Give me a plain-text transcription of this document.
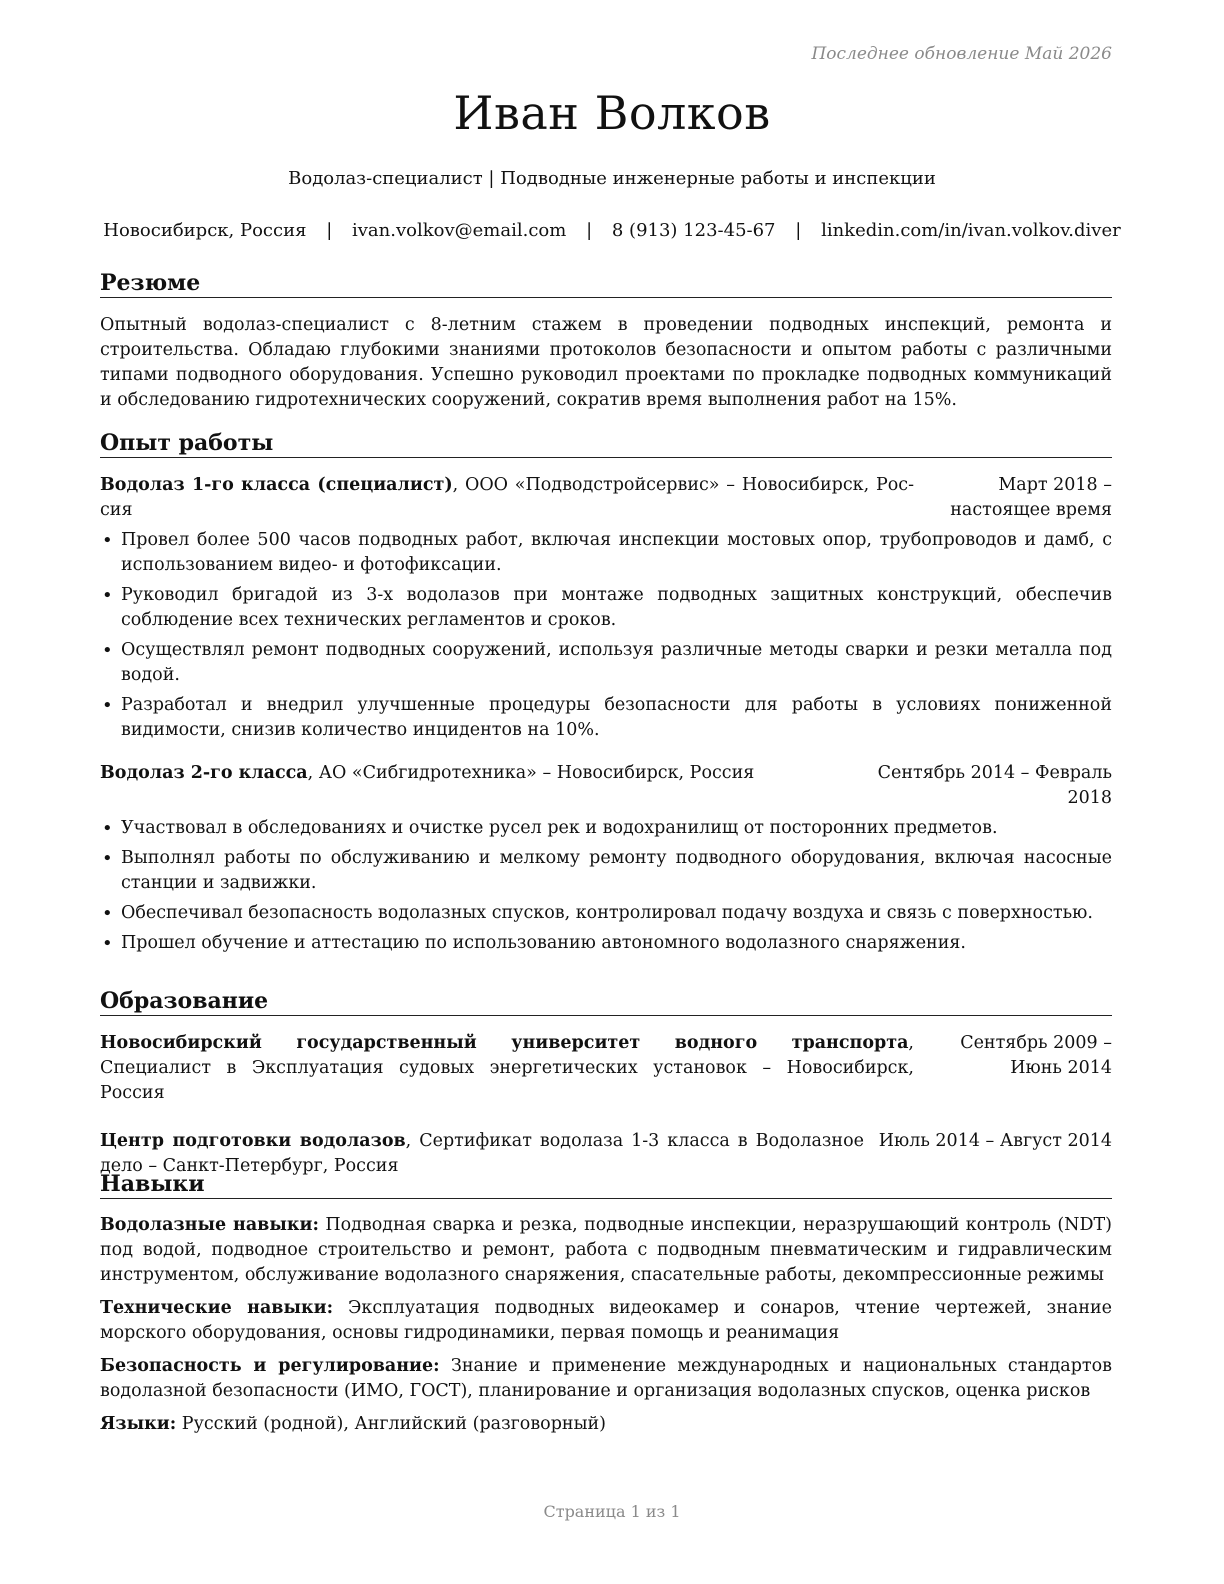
Последнее обновление Май 2026
Иван Волков
Водолаз-специалист | Подводные инженерные работы и инспекции
Новосибирск, Россия | ivan.volkov@email.com | 8 (913) 123-45-67 | linkedin.com/in/ivan.volkov.diver
Резюме
Опытный водолаз-специалист с 8-летним стажем в проведении подводных инспекций, ремонта и строительства. Обладаю глубокими знаниями протоколов безопасности и опытом работы с различными типами подводного оборудования. Успешно руководил проектами по прокладке подводных коммуникаций и обследованию гидротехнических сооружений, сократив время выполнения работ на 15%.
Опыт работы
Водолаз 1-го класса (специалист), ООО «Подводстройсервис» – Новосибирск, Россия
Март 2018 – настоящее время
• Провел более 500 часов подводных работ, включая инспекции мостовых опор, трубопроводов и дамб, с использованием видео- и фотофиксации.
• Руководил бригадой из 3-х водолазов при монтаже подводных защитных конструкций, обеспечив соблюдение всех технических регламентов и сроков.
• Осуществлял ремонт подводных сооружений, используя различные методы сварки и резки металла под водой.
• Разработал и внедрил улучшенные процедуры безопасности для работы в условиях пониженной видимости, снизив количество инцидентов на 10%.
Водолаз 2-го класса, АО «Сибгидротехника» – Новосибирск, Россия	Сентябрь 2014 – Февраль 2018
• Участвовал в обследованиях и очистке русел рек и водохранилищ от посторонних предметов.
• Выполнял работы по обслуживанию и мелкому ремонту подводного оборудования, включая насосные станции и задвижки.
• Обеспечивал безопасность водолазных спусков, контролировал подачу воздуха и связь с поверхностью.
• Прошел обучение и аттестацию по использованию автономного водолазного снаряжения.
Образование
Новосибирский государственный университет водного транспорта, Специалист в Эксплуатация судовых энергетических установок – Новосибирск, Россия
Сентябрь 2009 – Июнь 2014
Центр подготовки водолазов, Сертификат водолаза 1-3 класса в Водолазное дело – Санкт-Петербург, Россия
Июль 2014 – Август 2014
Навыки
Водолазные навыки: Подводная сварка и резка, подводные инспекции, неразрушающий контроль (NDT) под водой, подводное строительство и ремонт, работа с подводным пневматическим и гидравлическим инструментом, обслуживание водолазного снаряжения, спасательные работы, декомпрессионные режимы
Технические навыки: Эксплуатация подводных видеокамер и сонаров, чтение чертежей, знание морского оборудования, основы гидродинамики, первая помощь и реанимация
Безопасность и регулирование: Знание и применение международных и национальных стандартов водолазной безопасности (ИМО, ГОСТ), планирование и организация водолазных спусков, оценка рисков
Языки: Русский (родной), Английский (разговорный)
Страница 1 из 1
